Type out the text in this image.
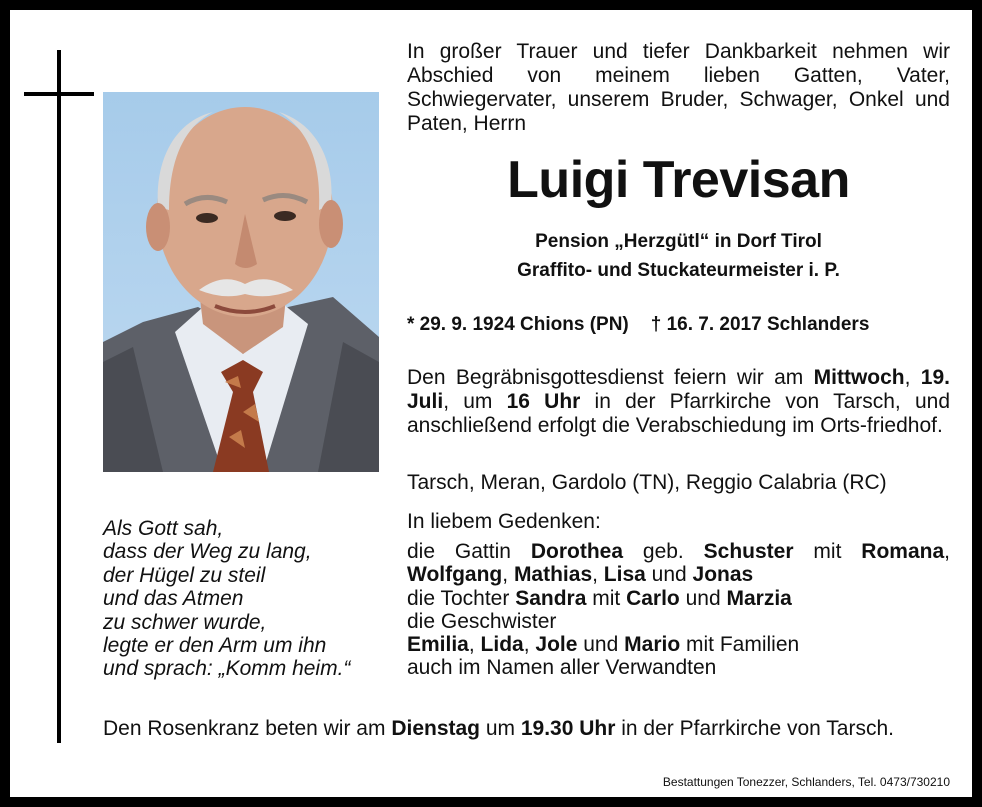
In großer Trauer und tiefer Dankbarkeit nehmen wir Abschied von meinem lieben Gatten, Vater, Schwiegervater, unserem Bruder, Schwager, Onkel und Paten, Herrn
Luigi Trevisan
Pension „Herzgütl“ in Dorf Tirol
Graffito- und Stuckateurmeister i. P.
* 29. 9. 1924 Chions (PN) † 16. 7. 2017 Schlanders
Den Begräbnisgottesdienst feiern wir am Mittwoch, 19. Juli, um 16 Uhr in der Pfarrkirche von Tarsch, und anschließend erfolgt die Verabschiedung im Orts-friedhof.
Tarsch, Meran, Gardolo (TN), Reggio Calabria (RC)
In liebem Gedenken:
die Gattin Dorothea geb. Schuster mit Romana,
Wolfgang, Mathias, Lisa und Jonas
die Tochter Sandra mit Carlo und Marzia
die Geschwister
Emilia, Lida, Jole und Mario mit Familien
auch im Namen aller Verwandten
Als Gott sah,
dass der Weg zu lang,
der Hügel zu steil
und das Atmen
zu schwer wurde,
legte er den Arm um ihn
und sprach: „Komm heim.“
Den Rosenkranz beten wir am Dienstag um 19.30 Uhr in der Pfarrkirche von Tarsch.
Bestattungen Tonezzer, Schlanders, Tel. 0473/730210
